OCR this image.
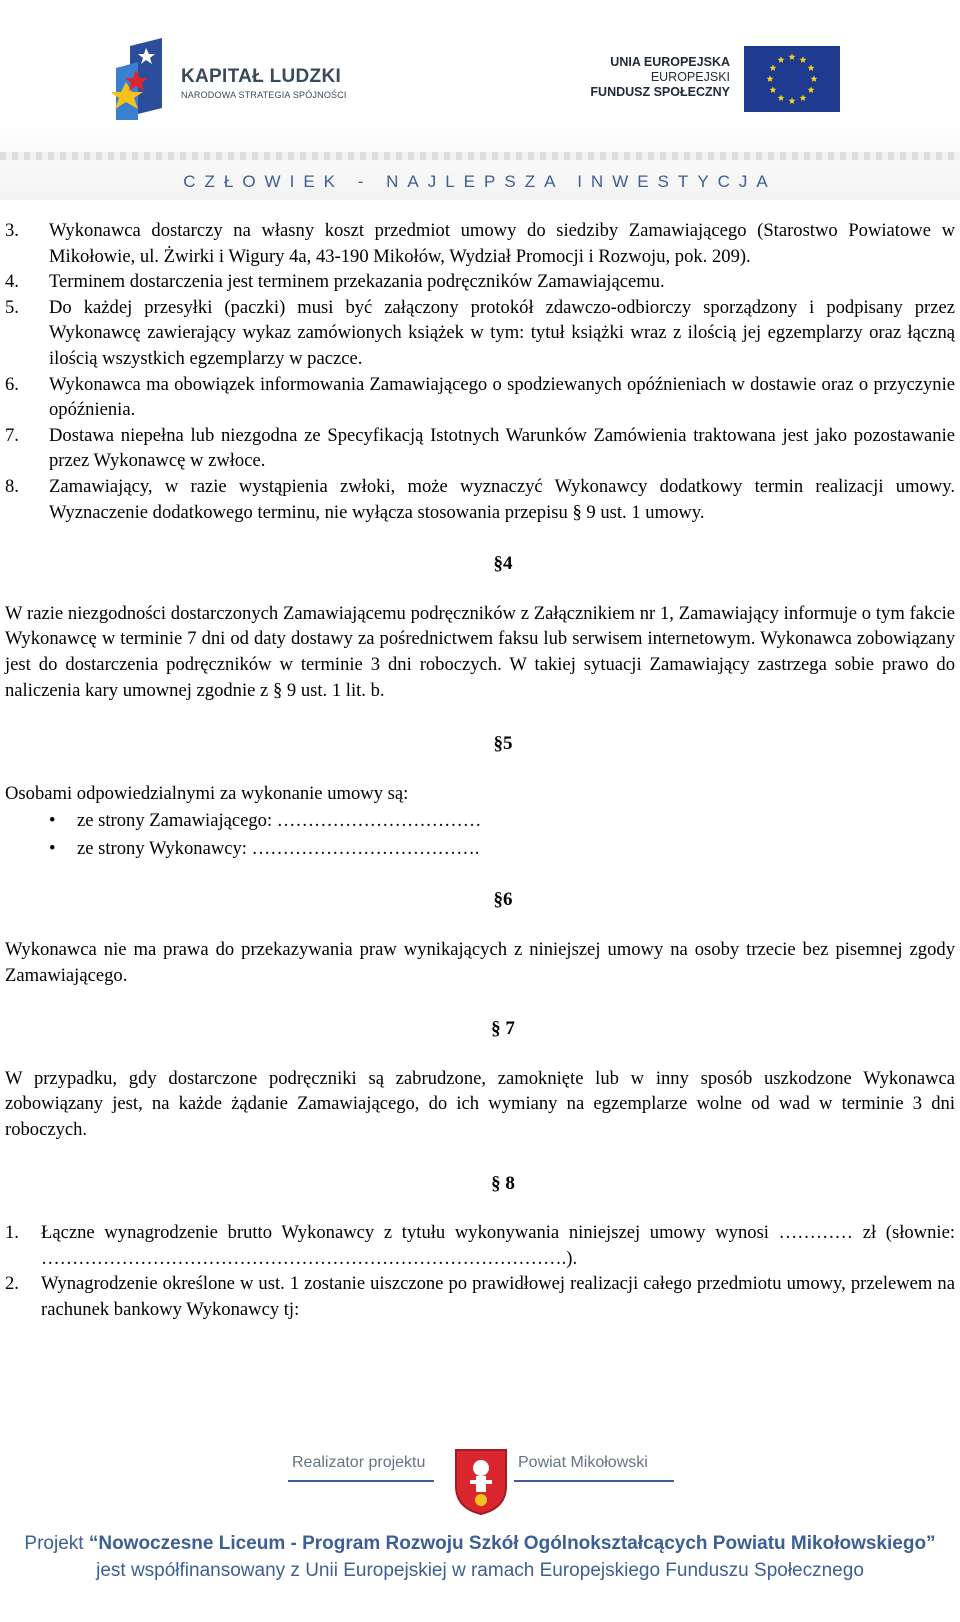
KAPITAŁ LUDZKI
NARODOWA STRATEGIA SPÓJNOŚCI
UNIA EUROPEJSKA
EUROPEJSKI
FUNDUSZ SPOŁECZNY
CZŁOWIEK - NAJLEPSZA INWESTYCJA
3. Wykonawca dostarczy na własny koszt przedmiot umowy do siedziby Zamawiającego (Starostwo Powiatowe w Mikołowie, ul. Żwirki i Wigury 4a, 43-190 Mikołów, Wydział Promocji i Rozwoju, pok. 209).
4. Terminem dostarczenia jest terminem przekazania podręczników Zamawiającemu.
5. Do każdej przesyłki (paczki) musi być załączony protokół zdawczo-odbiorczy sporządzony i podpisany przez Wykonawcę zawierający wykaz zamówionych książek w tym: tytuł książki wraz z ilością jej egzemplarzy oraz łączną ilością wszystkich egzemplarzy w paczce.
6. Wykonawca ma obowiązek informowania Zamawiającego o spodziewanych opóźnieniach w dostawie oraz o przyczynie opóźnienia.
7. Dostawa niepełna lub niezgodna ze Specyfikacją Istotnych Warunków Zamówienia traktowana jest jako pozostawanie przez Wykonawcę w zwłoce.
8. Zamawiający, w razie wystąpienia zwłoki, może wyznaczyć Wykonawcy dodatkowy termin realizacji umowy. Wyznaczenie dodatkowego terminu, nie wyłącza stosowania przepisu § 9 ust. 1 umowy.
§4
W razie niezgodności dostarczonych Zamawiającemu podręczników z Załącznikiem nr 1, Zamawiający informuje o tym fakcie Wykonawcę w terminie 7 dni od daty dostawy za pośrednictwem faksu lub serwisem internetowym. Wykonawca zobowiązany jest do dostarczenia podręczników w terminie 3 dni roboczych. W takiej sytuacji Zamawiający zastrzega sobie prawo do naliczenia kary umownej zgodnie z § 9 ust. 1 lit. b.
§5
Osobami odpowiedzialnymi za wykonanie umowy są:
• ze strony Zamawiającego: ……………………………
• ze strony Wykonawcy: ……………………………….
§6
Wykonawca nie ma prawa do przekazywania praw wynikających z niniejszej umowy na osoby trzecie bez pisemnej zgody Zamawiającego.
§ 7
W przypadku, gdy dostarczone podręczniki są zabrudzone, zamoknięte lub w inny sposób uszkodzone Wykonawca zobowiązany jest, na każde żądanie Zamawiającego, do ich wymiany na egzemplarze wolne od wad w terminie 3 dni roboczych.
§ 8
1. Łączne wynagrodzenie brutto Wykonawcy z tytułu wykonywania niniejszej umowy wynosi ………… zł (słownie: ………………………………………………………………………….).
2. Wynagrodzenie określone w ust. 1 zostanie uiszczone po prawidłowej realizacji całego przedmiotu umowy, przelewem na rachunek bankowy Wykonawcy tj:
Realizator projektu	Powiat Mikołowski
Projekt “Nowoczesne Liceum - Program Rozwoju Szkół Ogólnokształcących Powiatu Mikołowskiego”
jest współfinansowany z Unii Europejskiej w ramach Europejskiego Funduszu Społecznego
